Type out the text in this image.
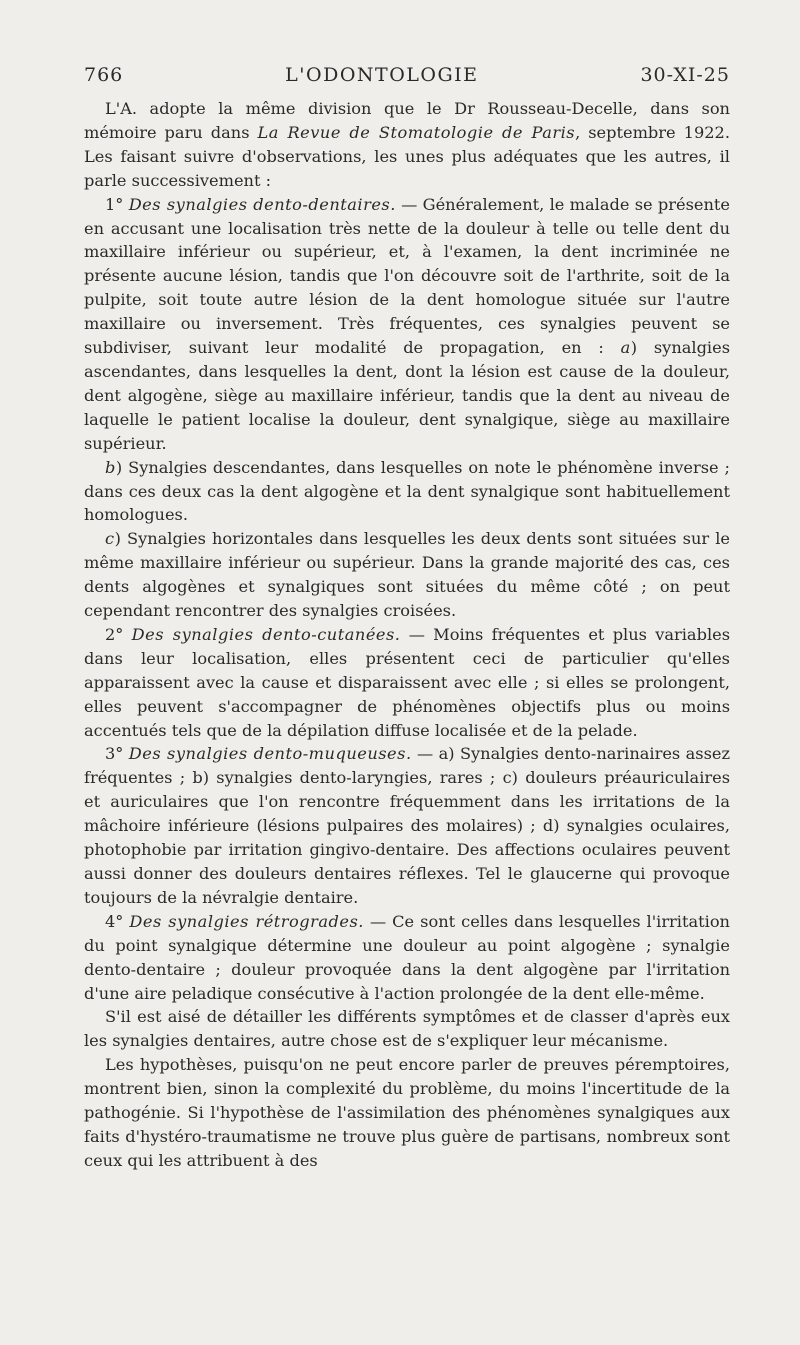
766	L'ODONTOLOGIE	30-XI-25

L'A. adopte la même division que le Dr Rousseau-Decelle, dans son mémoire paru dans La Revue de Stomatologie de Paris, septembre 1922. Les faisant suivre d'observations, les unes plus adéquates que les autres, il parle successivement :

1° Des synalgies dento-dentaires. — Généralement, le malade se présente en accusant une localisation très nette de la douleur à telle ou telle dent du maxillaire inférieur ou supérieur, et, à l'examen, la dent incriminée ne présente aucune lésion, tandis que l'on découvre soit de l'arthrite, soit de la pulpite, soit toute autre lésion de la dent homologue située sur l'autre maxillaire ou inversement. Très fréquentes, ces synalgies peuvent se subdiviser, suivant leur modalité de propagation, en : a) synalgies ascendantes, dans lesquelles la dent, dont la lésion est cause de la douleur, dent algogène, siège au maxillaire inférieur, tandis que la dent au niveau de laquelle le patient localise la douleur, dent synalgique, siège au maxillaire supérieur.

b) Synalgies descendantes, dans lesquelles on note le phénomène inverse ; dans ces deux cas la dent algogène et la dent synalgique sont habituellement homologues.

c) Synalgies horizontales dans lesquelles les deux dents sont situées sur le même maxillaire inférieur ou supérieur. Dans la grande majorité des cas, ces dents algogènes et synalgiques sont situées du même côté ; on peut cependant rencontrer des synalgies croisées.

2° Des synalgies dento-cutanées. — Moins fréquentes et plus variables dans leur localisation, elles présentent ceci de particulier qu'elles apparaissent avec la cause et disparaissent avec elle ; si elles se prolongent, elles peuvent s'accompagner de phénomènes objectifs plus ou moins accentués tels que de la dépilation diffuse localisée et de la pelade.

3° Des synalgies dento-muqueuses. — a) Synalgies dento-narinaires assez fréquentes ; b) synalgies dento-laryngies, rares ; c) douleurs préauriculaires et auriculaires que l'on rencontre fréquemment dans les irritations de la mâchoire inférieure (lésions pulpaires des molaires) ; d) synalgies oculaires, photophobie par irritation gingivo-dentaire. Des affections oculaires peuvent aussi donner des douleurs dentaires réflexes. Tel le glaucerne qui provoque toujours de la névralgie dentaire.

4° Des synalgies rétrogrades. — Ce sont celles dans lesquelles l'irritation du point synalgique détermine une douleur au point algogène ; synalgie dento-dentaire ; douleur provoquée dans la dent algogène par l'irritation d'une aire peladique consécutive à l'action prolongée de la dent elle-même.

S'il est aisé de détailler les différents symptômes et de classer d'après eux les synalgies dentaires, autre chose est de s'expliquer leur mécanisme.

Les hypothèses, puisqu'on ne peut encore parler de preuves péremptoires, montrent bien, sinon la complexité du problème, du moins l'incertitude de la pathogénie. Si l'hypothèse de l'assimilation des phénomènes synalgiques aux faits d'hystéro-traumatisme ne trouve plus guère de partisans, nombreux sont ceux qui les attribuent à des
